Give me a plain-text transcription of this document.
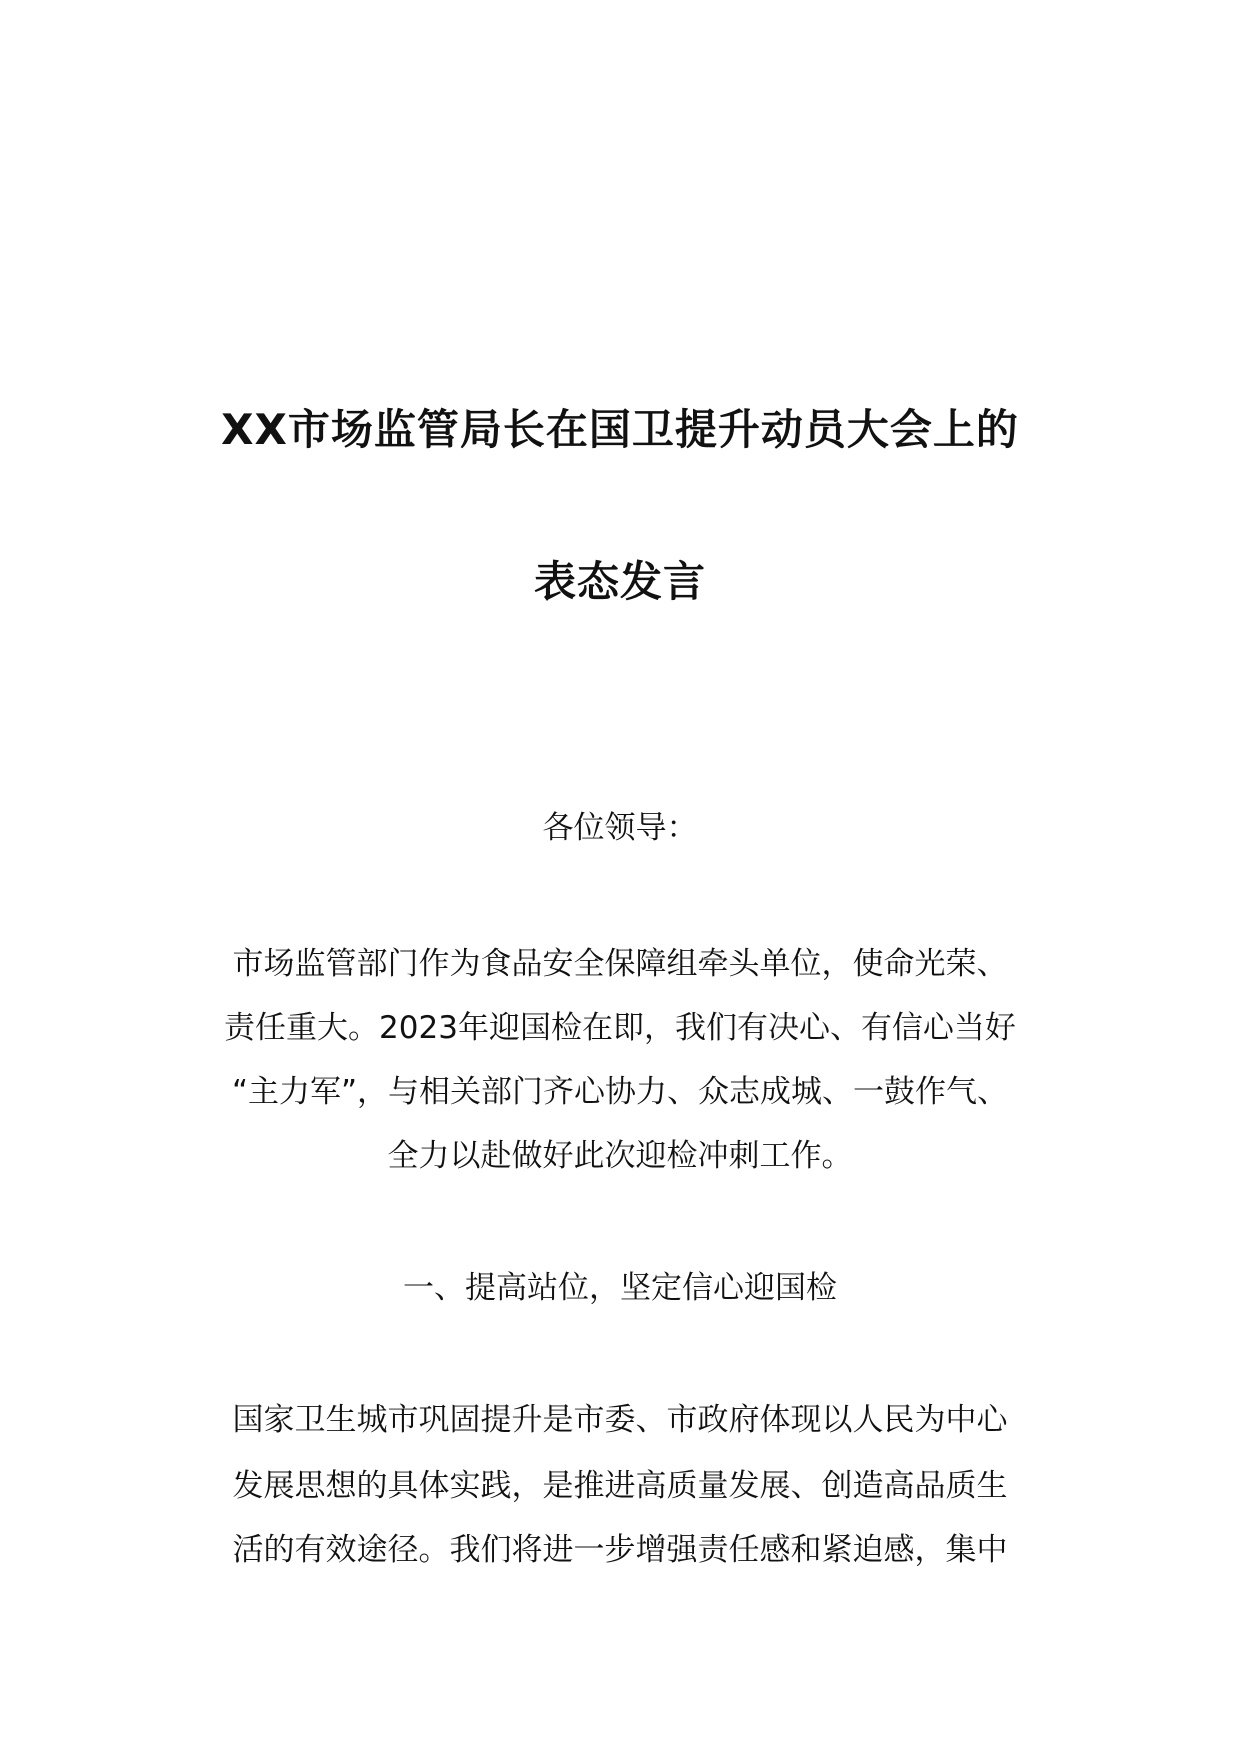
XX市场监管局长在国卫提升动员大会上的
表态发言
各位领导：
市场监管部门作为食品安全保障组牵头单位，使命光荣、
责任重大。2023年迎国检在即，我们有决心、有信心当好
“主力军”，与相关部门齐心协力、众志成城、一鼓作气、
全力以赴做好此次迎检冲刺工作。
一、提高站位，坚定信心迎国检
国家卫生城市巩固提升是市委、市政府体现以人民为中心
发展思想的具体实践，是推进高质量发展、创造高品质生
活的有效途径。我们将进一步增强责任感和紧迫感，集中
